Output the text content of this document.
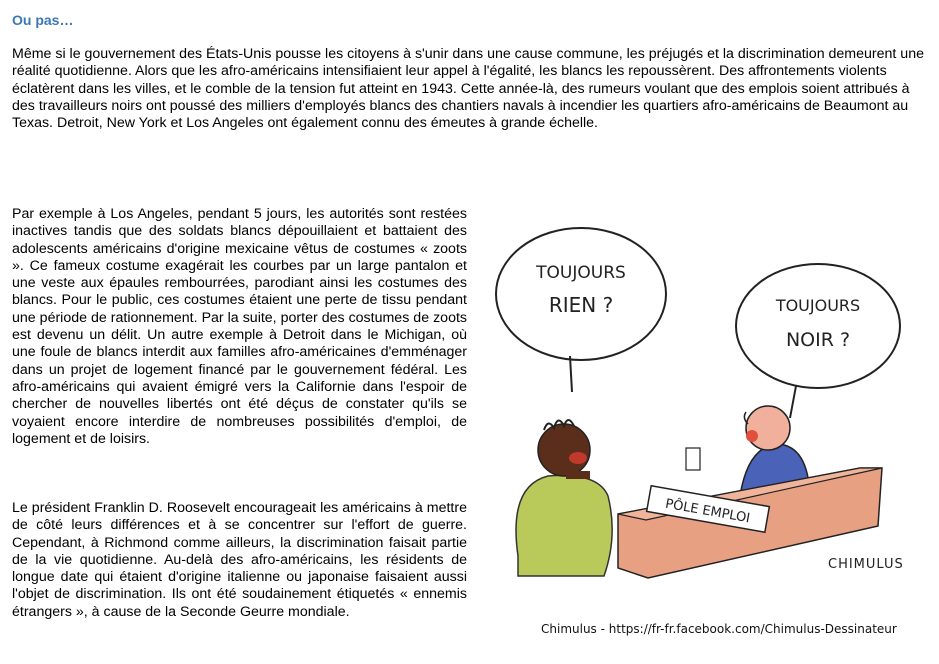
Ou pas…
Même si le gouvernement des États-Unis pousse les citoyens à s'unir dans une cause commune, les préjugés et la discrimination demeurent une réalité quotidienne. Alors que les afro-américains intensifiaient leur appel à l'égalité, les blancs les repoussèrent. Des affrontements violents éclatèrent dans les villes, et le comble de la tension fut atteint en 1943. Cette année-là, des rumeurs voulant que des emplois soient attribués à des travailleurs noirs ont poussé des milliers d'employés blancs des chantiers navals à incendier les quartiers afro-américains de Beaumont au Texas. Detroit, New York et Los Angeles ont également connu des émeutes à grande échelle.
Par exemple à Los Angeles, pendant 5 jours, les autorités sont restées inactives tandis que des soldats blancs dépouillaient et battaient des adolescents américains d'origine mexicaine vêtus de costumes « zoots ». Ce fameux costume exagérait les courbes par un large pantalon et une veste aux épaules rembourrées, parodiant ainsi les costumes des blancs. Pour le public, ces costumes étaient une perte de tissu pendant une période de rationnement. Par la suite, porter des costumes de zoots est devenu un délit. Un autre exemple à Detroit dans le Michigan, où une foule de blancs interdit aux familles afro-américaines d'emménager dans un projet de logement financé par le gouvernement fédéral. Les afro-américains qui avaient émigré vers la Californie dans l'espoir de chercher de nouvelles libertés ont été déçus de constater qu'ils se voyaient encore interdire de nombreuses possibilités d'emploi, de logement et de loisirs.
Le président Franklin D. Roosevelt encourageait les américains à mettre de côté leurs différences et à se concentrer sur l'effort de guerre. Cependant, à Richmond comme ailleurs, la discrimination faisait partie de la vie quotidienne. Au-delà des afro-américains, les résidents de longue date qui étaient d'origine italienne ou japonaise faisaient aussi l'objet de discrimination. Ils ont été soudainement étiquetés « ennemis étrangers », à cause de la Seconde Geurre mondiale.
TOUJOURS
RIEN ?	TOUJOURS
NOIR ?
PÔLE EMPLOI
CHIMULUS
Chimulus - https://fr-fr.facebook.com/Chimulus-Dessinateur
